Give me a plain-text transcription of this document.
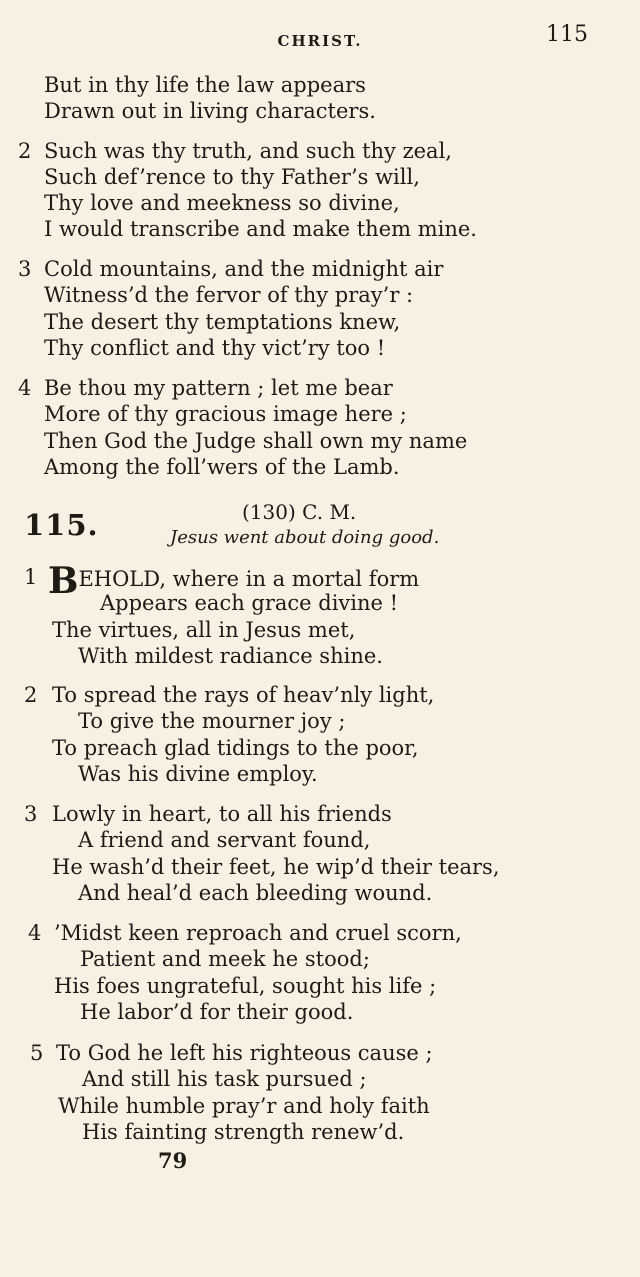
CHRIST.	115
But in thy life the law appears
Drawn out in living characters.
2 Such was thy truth, and such thy zeal,
Such def’rence to thy Father’s will,
Thy love and meekness so divine,
I would transcribe and make them mine.
3 Cold mountains, and the midnight air
Witness’d the fervor of thy pray’r :
The desert thy temptations knew,
Thy conflict and thy vict’ry too !
4 Be thou my pattern ; let me bear
More of thy gracious image here ;
Then God the Judge shall own my name
Among the foll’wers of the Lamb.
115.	(130) C. M.
Jesus went about doing good.
1 BEHOLD, where in a mortal form
Appears each grace divine !
The virtues, all in Jesus met,
With mildest radiance shine.
2 To spread the rays of heav’nly light,
To give the mourner joy ;
To preach glad tidings to the poor,
Was his divine employ.
3 Lowly in heart, to all his friends
A friend and servant found,
He wash’d their feet, he wip’d their tears,
And heal’d each bleeding wound.
4 ’Midst keen reproach and cruel scorn,
Patient and meek he stood;
His foes ungrateful, sought his life ;
He labor’d for their good.
5 To God he left his righteous cause ;
And still his task pursued ;
While humble pray’r and holy faith
His fainting strength renew’d.
79
